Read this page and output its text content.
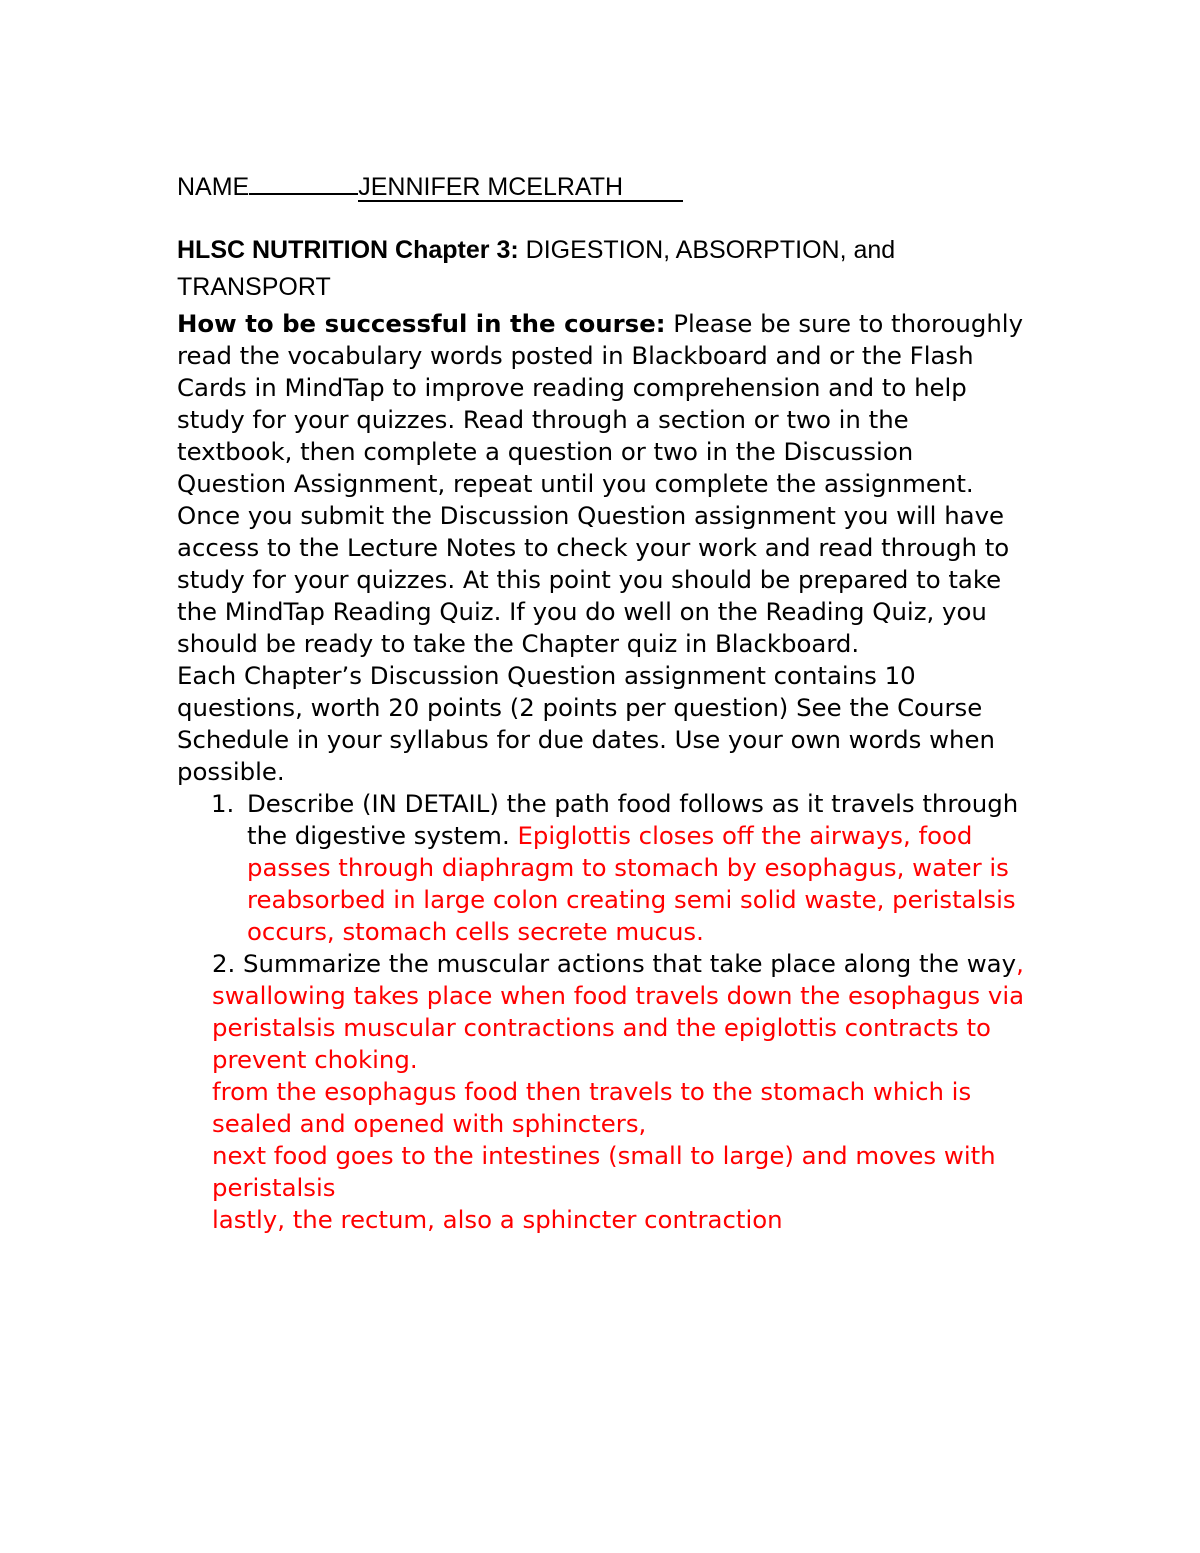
NAME	JENNIFER MCELRATH
HLSC NUTRITION Chapter 3: DIGESTION, ABSORPTION, and TRANSPORT

How to be successful in the course: Please be sure to thoroughly read the vocabulary words posted in Blackboard and or the Flash Cards in MindTap to improve reading comprehension and to help study for your quizzes. Read through a section or two in the textbook, then complete a question or two in the Discussion Question Assignment, repeat until you complete the assignment. Once you submit the Discussion Question assignment you will have access to the Lecture Notes to check your work and read through to study for your quizzes. At this point you should be prepared to take the MindTap Reading Quiz. If you do well on the Reading Quiz, you should be ready to take the Chapter quiz in Blackboard.

Each Chapter’s Discussion Question assignment contains 10 questions, worth 20 points (2 points per question) See the Course Schedule in your syllabus for due dates. Use your own words when possible.

1. Describe (IN DETAIL) the path food follows as it travels through the digestive system. Epiglottis closes off the airways, food passes through diaphragm to stomach by esophagus, water is reabsorbed in large colon creating semi solid waste, peristalsis occurs, stomach cells secrete mucus.
2. Summarize the muscular actions that take place along the way,
swallowing takes place when food travels down the esophagus via peristalsis muscular contractions and the epiglottis contracts to prevent choking.
from the esophagus food then travels to the stomach which is sealed and opened with sphincters,
next food goes to the intestines (small to large) and moves with peristalsis
lastly, the rectum, also a sphincter contraction
